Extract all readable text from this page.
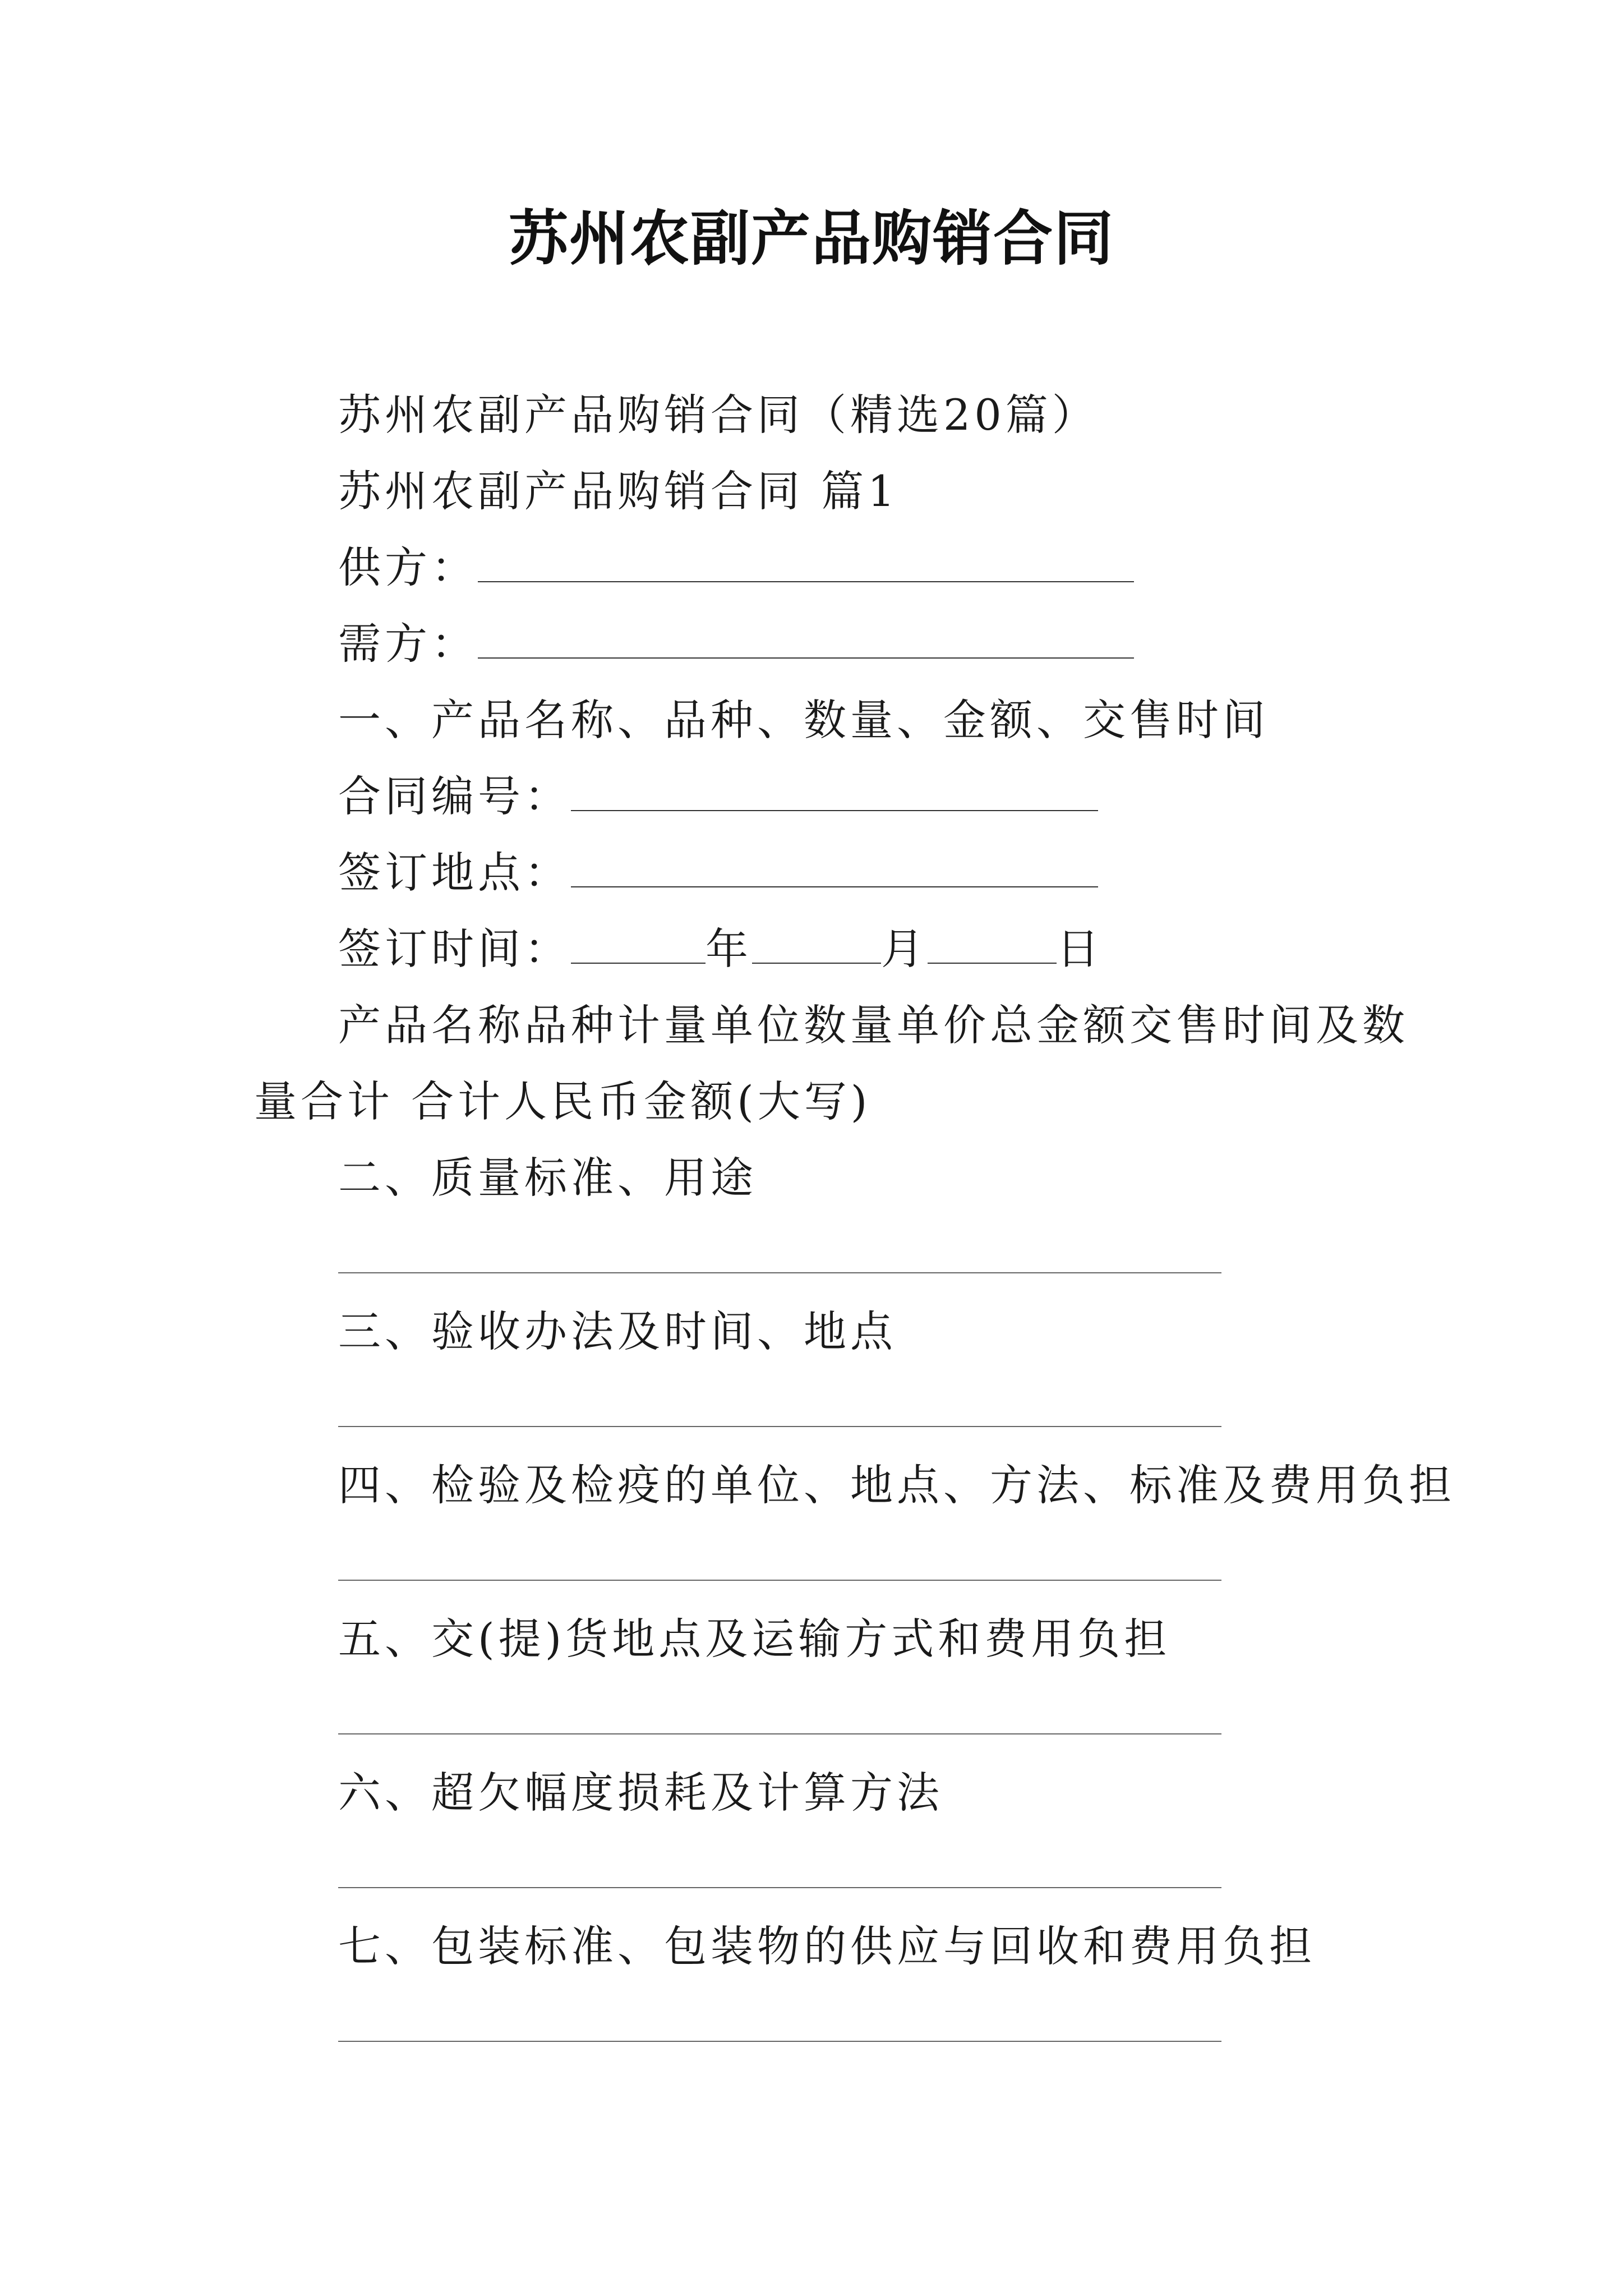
苏州农副产品购销合同
苏州农副产品购销合同（精选20篇）
苏州农副产品购销合同 篇1
供方：
需方：
一、产品名称、品种、数量、金额、交售时间
合同编号：
签订地点：
签订时间：	年	月	日
产品名称品种计量单位数量单价总金额交售时间及数
量合计 合计人民币金额(大写)
二、质量标准、用途
三、验收办法及时间、地点
四、检验及检疫的单位、地点、方法、标准及费用负担
五、交(提)货地点及运输方式和费用负担
六、超欠幅度损耗及计算方法
七、包装标准、包装物的供应与回收和费用负担
